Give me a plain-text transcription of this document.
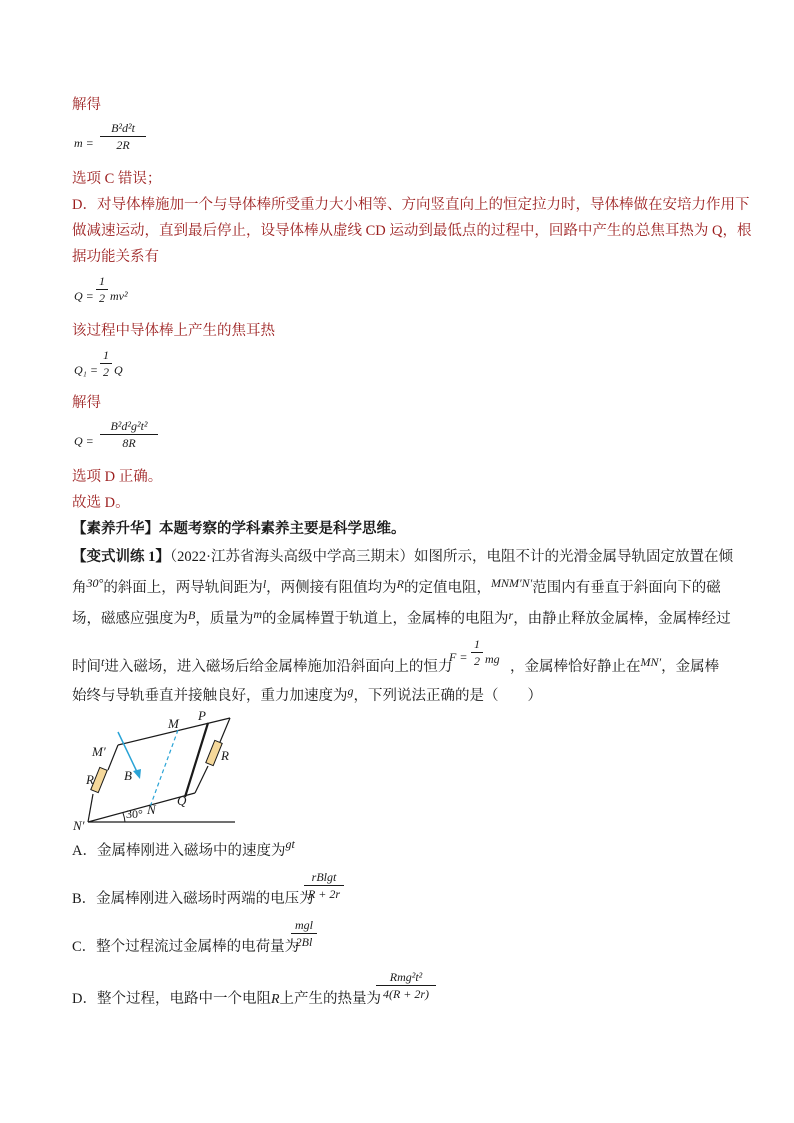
解得
m =
B²d²t
2R
选项 C 错误；
D．对导体棒施加一个与导体棒所受重力大小相等、方向竖直向上的恒定拉力时，导体棒做在安培力作用下
做减速运动，直到最后停止，设导体棒从虚线 CD 运动到最低点的过程中，回路中产生的总焦耳热为 Q，根
据功能关系有
Q =
1
2 mv²
该过程中导体棒上产生的焦耳热
Q₁ =
1
2 Q
解得
Q =
B²d²g²t²
8R
选项 D 正确。
故选 D。
【素养升华】本题考察的学科素养主要是科学思维。
【变式训练 1】（2022·江苏省海头高级中学高三期末）如图所示，电阻不计的光滑金属导轨固定放置在倾
角$^{30^\circ}$的斜面上，两导轨间距为$^l$，两侧接有阻值均为$^R$的定值电阻，$^{MNM'N'}$范围内有垂直于斜面向下的磁
场，磁感应强度为$^B$，质量为$^m$的金属棒置于轨道上，金属棒的电阻为$^r$，由静止释放金属棒，金属棒经过
时间$^t$进入磁场，进入磁场后给金属棒施加沿斜面向上的恒力
F =
1
2 mg ，金属棒恰好静止在$^{MN'}$，金属棒
始终与导轨垂直并接触良好，重力加速度为$^g$，下列说法正确的是（　　）
M
P
M′
R B
R
N
Q
N′
30°
A．金属棒刚进入磁场中的速度为$^{gt}$
B．金属棒刚进入磁场时两端的电压为
rBlgt
R + 2r
C．整个过程流过金属棒的电荷量为
mgl
2Bl
D．整个过程，电路中一个电阻R上产生的热量为
Rmg²t²
4(R + 2r)
